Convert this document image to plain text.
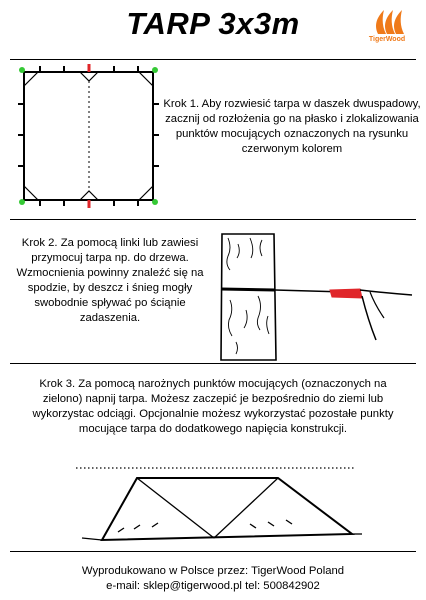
TARP 3x3m	TigerWood
Krok 1. Aby rozwiesić tarpa w daszek dwuspadowy, zacznij od rozłożenia go na płasko i zlokalizowania punktów mocujących oznaczonych na rysunku czerwonym kolorem
Krok 2. Za pomocą linki lub zawiesi przymocuj tarpa np. do drzewa. Wzmocnienia powinny znaleźć się na spodzie, by deszcz i śnieg mogły swobodnie spływać po ściąnie zadaszenia.
Krok 3. Za pomocą narożnych punktów mocujących (oznaczonych na zielono) napnij tarpa. Możesz zaczepić je bezpośrednio do ziemi lub wykorzystac odciągi. Opcjonalnie możesz wykorzystać pozostałe punkty mocujące tarpa do dodatkowego napięcia konstrukcji.
Wyprodukowano w Polsce przez: TigerWood Poland
e-mail: sklep@tigerwood.pl tel: 500842902
